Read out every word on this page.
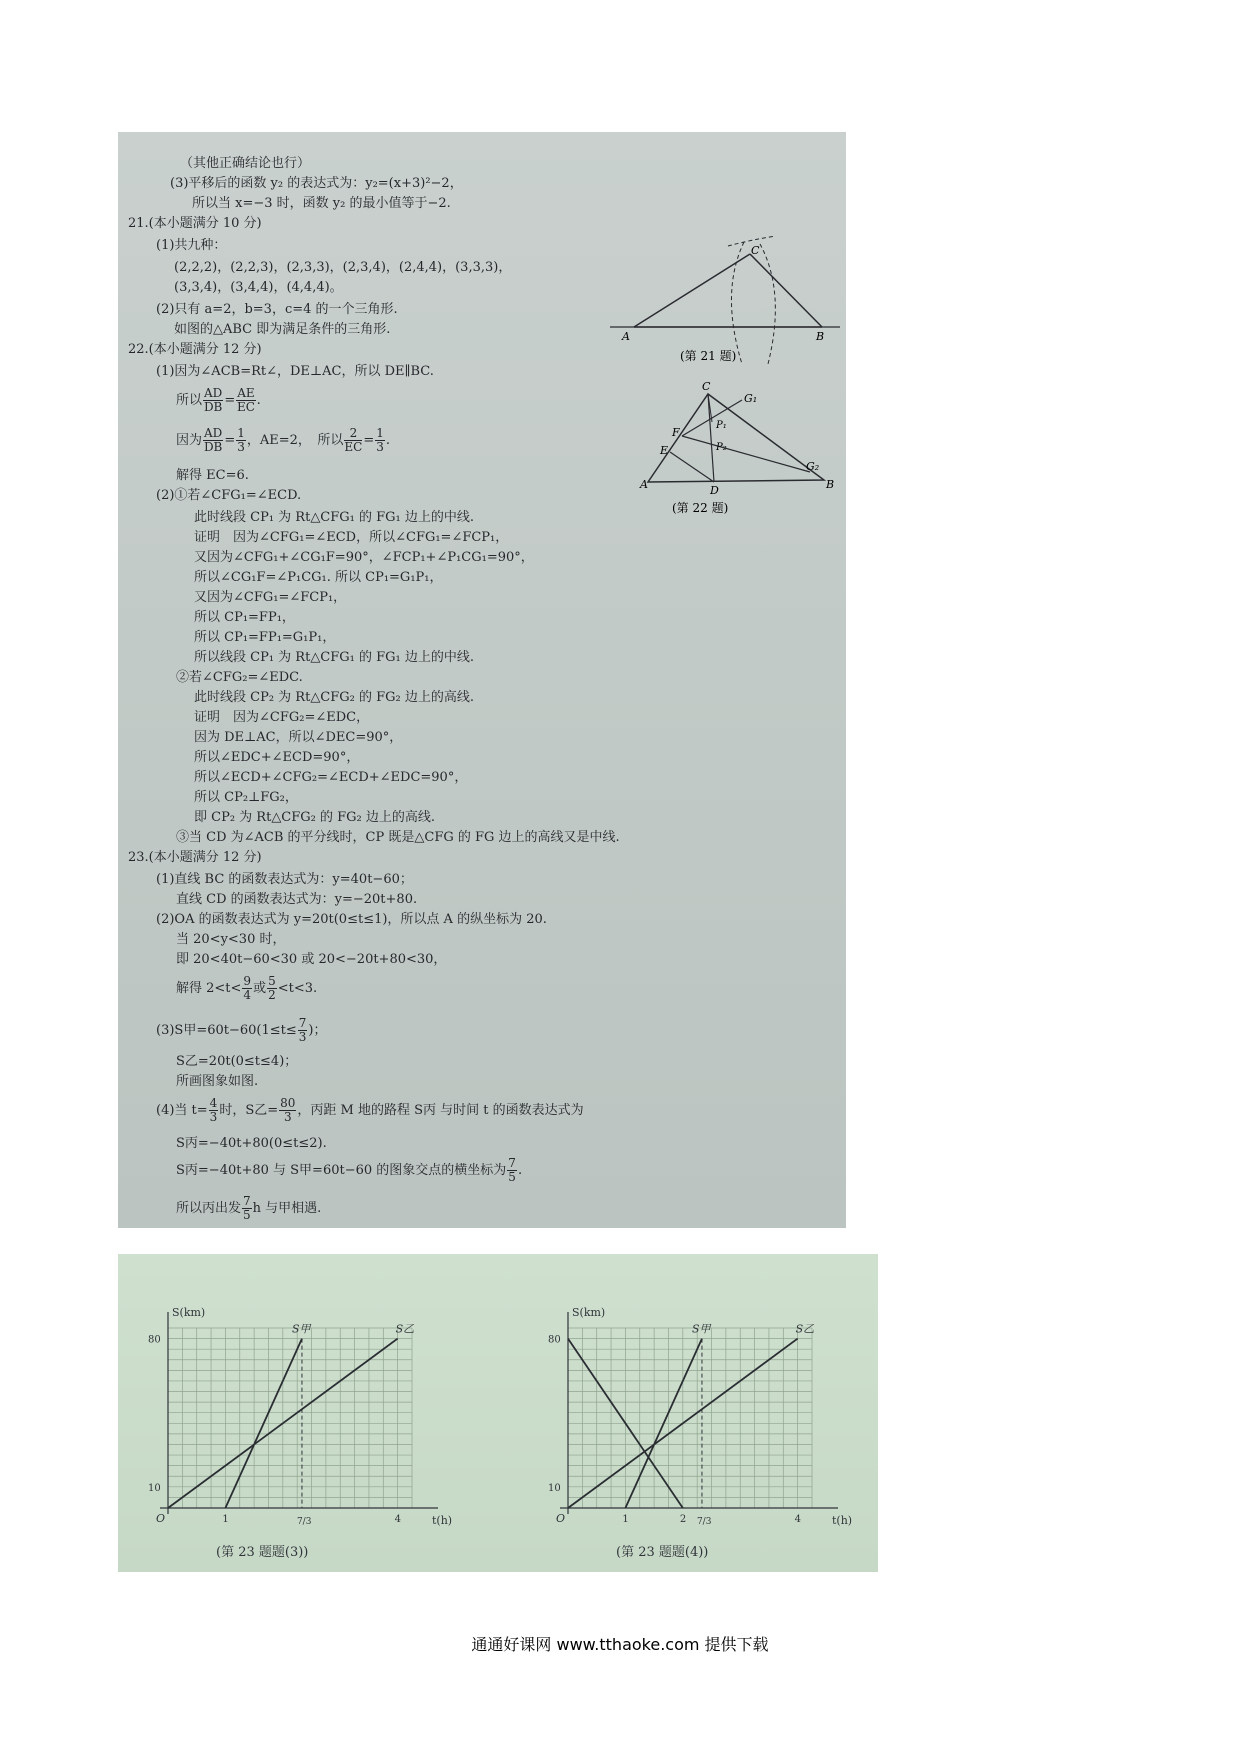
（其他正确结论也行）
(3)平移后的函数 y₂ 的表达式为：y₂=(x+3)²−2，
所以当 x=−3 时，函数 y₂ 的最小值等于−2.
21.(本小题满分 10 分)
(1)共九种：
(2,2,2)，(2,2,3)，(2,3,3)，(2,3,4)，(2,4,4)，(3,3,3)，
(3,3,4)，(3,4,4)，(4,4,4)。
(2)只有 a=2，b=3，c=4 的一个三角形.
如图的△ABC 即为满足条件的三角形.
22.(本小题满分 12 分)
(1)因为∠ACB=Rt∠，DE⊥AC，所以 DE∥BC.
所以 $\frac{AD}{DB} = \frac{AE}{EC}$ .
因为 $\frac{AD}{DB} = \frac{1}{3}$ ，AE=2，　所以 $\frac{2}{EC} = \frac{1}{3}$ .
解得 EC=6.
(2)①若∠CFG₁=∠ECD.
此时线段 CP₁ 为 Rt△CFG₁ 的 FG₁ 边上的中线.
证明　因为∠CFG₁=∠ECD，所以∠CFG₁=∠FCP₁，
又因为∠CFG₁+∠CG₁F=90°，∠FCP₁+∠P₁CG₁=90°，
所以∠CG₁F=∠P₁CG₁. 所以 CP₁=G₁P₁，
又因为∠CFG₁=∠FCP₁，
所以 CP₁=FP₁，
所以 CP₁=FP₁=G₁P₁，
所以线段 CP₁ 为 Rt△CFG₁ 的 FG₁ 边上的中线.
②若∠CFG₂=∠EDC.
此时线段 CP₂ 为 Rt△CFG₂ 的 FG₂ 边上的高线.
证明　因为∠CFG₂=∠EDC，
因为 DE⊥AC，所以∠DEC=90°，
所以∠EDC+∠ECD=90°，
所以∠ECD+∠CFG₂=∠ECD+∠EDC=90°，
所以 CP₂⊥FG₂，
即 CP₂ 为 Rt△CFG₂ 的 FG₂ 边上的高线.
③当 CD 为∠ACB 的平分线时，CP 既是△CFG 的 FG 边上的高线又是中线.
23.(本小题满分 12 分)
(1)直线 BC 的函数表达式为：y=40t−60；
直线 CD 的函数表达式为：y=−20t+80.
(2)OA 的函数表达式为 y=20t(0≤t≤1)，所以点 A 的纵坐标为 20.
当 20<y<30 时，
即 20<40t−60<30 或 20<−20t+80<30，
解得 $2<t< \frac{9}{4}$ 或 $\frac{5}{2} <t<3$.
(3)S甲$=60t-60(1\le t\le \frac{7}{3}$ )；
S乙=20t(0≤t≤4)；
所画图象如图.
(4)当 $t= \frac{4}{3}$ 时，S乙= $\frac{80}{3}$ ，丙距 M 地的路程 S丙 与时间 t 的函数表达式为
S丙=−40t+80(0≤t≤2).
S丙=−40t+80 与 S甲=60t−60 的图象交点的横坐标为 $\frac{7}{5}$ .
所以丙出发 $\frac{7}{5}$ h 与甲相遇.
A	B
C
(第 21 题)
A	B
C
D
E
F
G₁
G₂
P₁
P₂
(第 22 题)
S(km)
t(h)
O
80
10
1	7/3	4
S甲	S乙
(第 23 题题(3))
S(km)
t(h)
O
80
10
1	2 7/3	4
S甲	S乙
(第 23 题题(4))
通通好课网 www.tthaoke.com 提供下载
